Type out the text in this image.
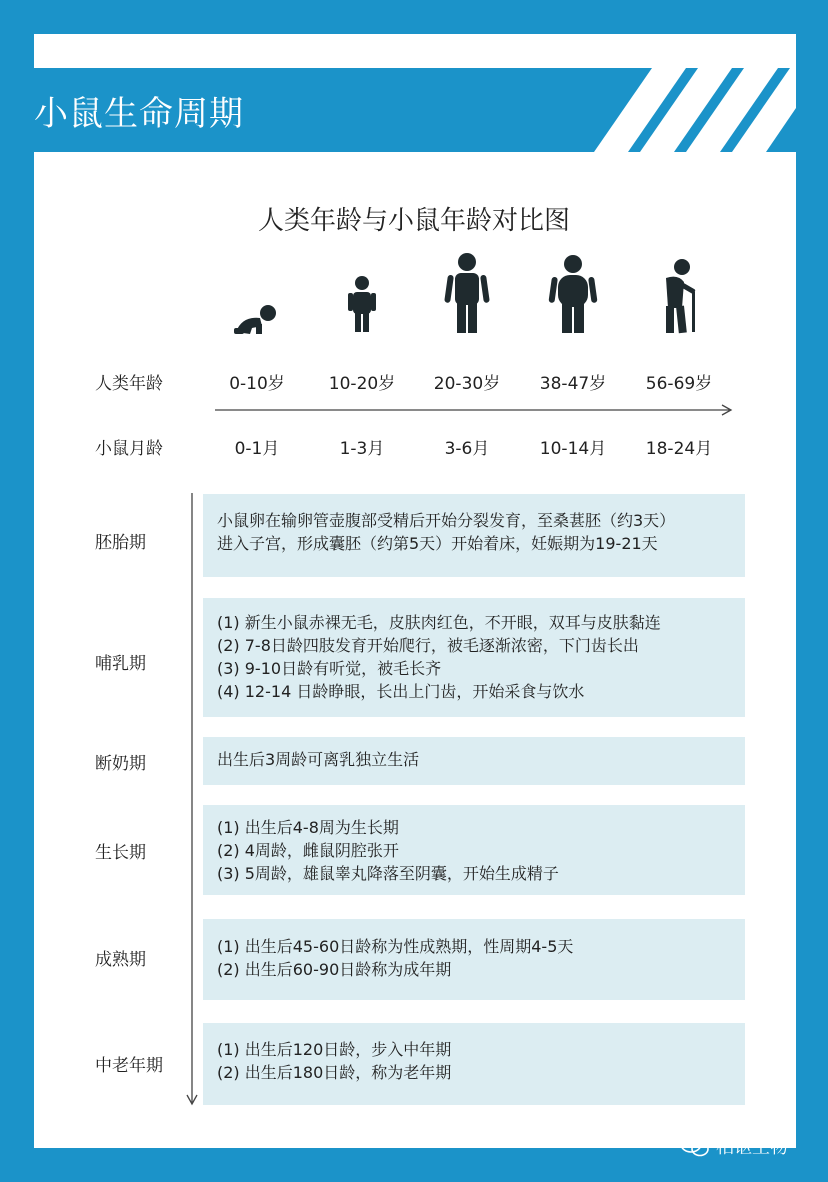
小鼠生命周期
人类年龄与小鼠年龄对比图
人类年龄	0-10岁	10-20岁	20-30岁	38-47岁	56-69岁
小鼠月龄	0-1月	1-3月	3-6月	10-14月	18-24月
胚胎期
小鼠卵在输卵管壶腹部受精后开始分裂发育，至桑葚胚（约3天）
进入子宫，形成囊胚（约第5天）开始着床，妊娠期为19-21天
哺乳期
(1) 新生小鼠赤裸无毛，皮肤肉红色，不开眼，双耳与皮肤黏连
(2) 7-8日龄四肢发育开始爬行，被毛逐渐浓密，下门齿长出
(3) 9-10日龄有听觉，被毛长齐
(4) 12-14 日龄睁眼，长出上门齿，开始采食与饮水
断奶期	出生后3周龄可离乳独立生活
生长期
(1) 出生后4-8周为生长期
(2) 4周龄，雌鼠阴腔张开
(3) 5周龄，雄鼠睾丸降落至阴囊，开始生成精子
成熟期
(1) 出生后45-60日龄称为性成熟期，性周期4-5天
(2) 出生后60-90日龄称为成年期
中老年期
(1) 出生后120日龄，步入中年期
(2) 出生后180日龄，称为老年期
柏讴生物
